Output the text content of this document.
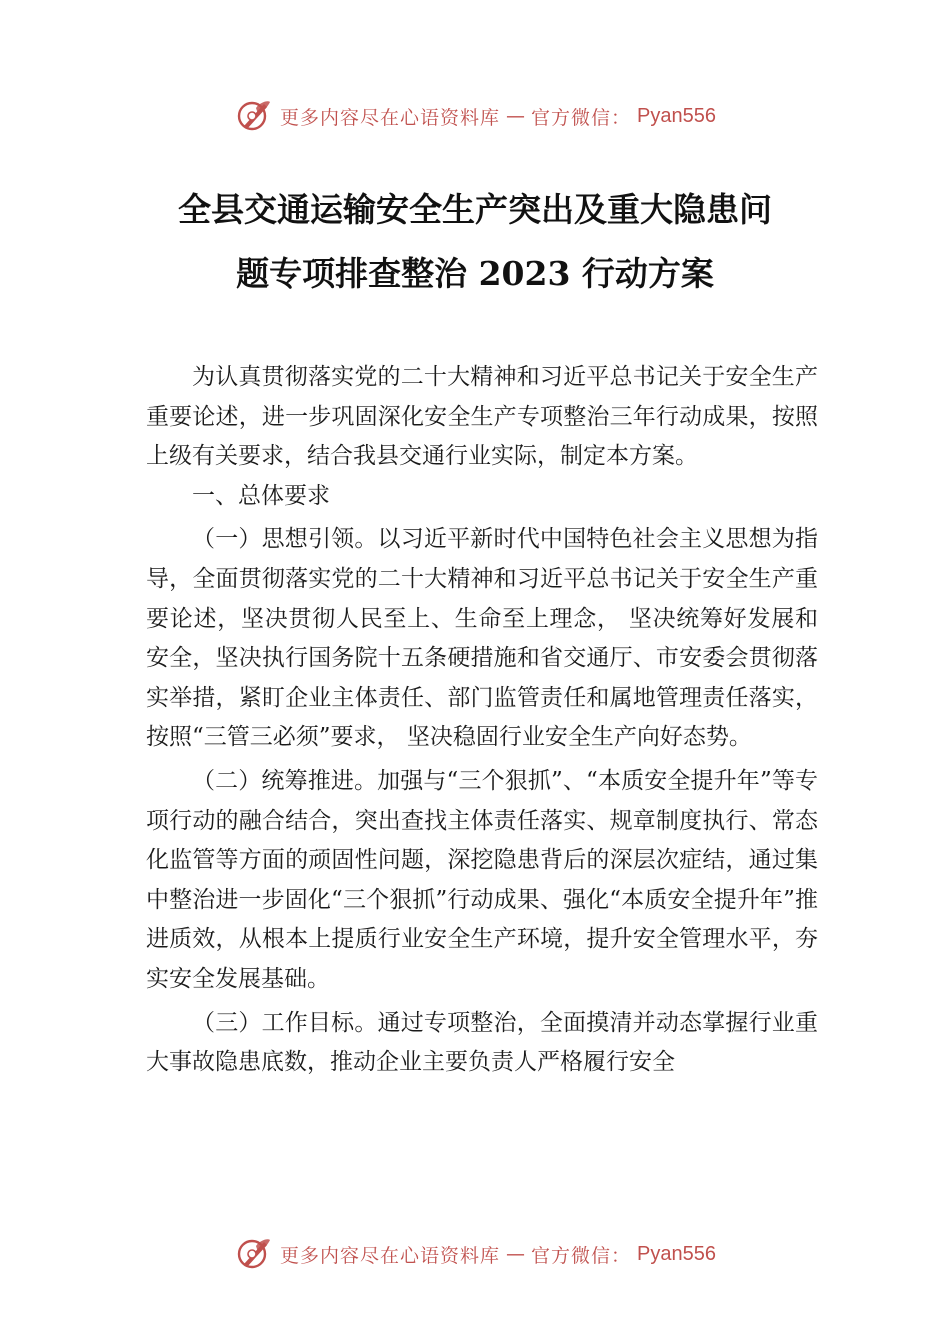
更多内容尽在心语资料库 — 官方微信： Pyan556
全县交通运输安全生产突出及重大隐患问
题专项排查整治 2023 行动方案

为认真贯彻落实党的二十大精神和习近平总书记关于安全生产重要论述，进一步巩固深化安全生产专项整治三年行动成果，按照上级有关要求，结合我县交通行业实际，制定本方案。

一、总体要求

（一）思想引领。以习近平新时代中国特色社会主义思想为指导，全面贯彻落实党的二十大精神和习近平总书记关于安全生产重要论述，坚决贯彻人民至上、生命至上理念， 坚决统筹好发展和安全，坚决执行国务院十五条硬措施和省交通厅、市安委会贯彻落实举措，紧盯企业主体责任、部门监管责任和属地管理责任落实，按照“三管三必须”要求， 坚决稳固行业安全生产向好态势。

（二）统筹推进。加强与“三个狠抓”、“本质安全提升年”等专项行动的融合结合，突出查找主体责任落实、规章制度执行、常态化监管等方面的顽固性问题，深挖隐患背后的深层次症结，通过集中整治进一步固化“三个狠抓”行动成果、强化“本质安全提升年”推进质效，从根本上提质行业安全生产环境，提升安全管理水平，夯实安全发展基础。

（三）工作目标。通过专项整治，全面摸清并动态掌握行业重大事故隐患底数，推动企业主要负责人严格履行安全

更多内容尽在心语资料库 — 官方微信： Pyan556
